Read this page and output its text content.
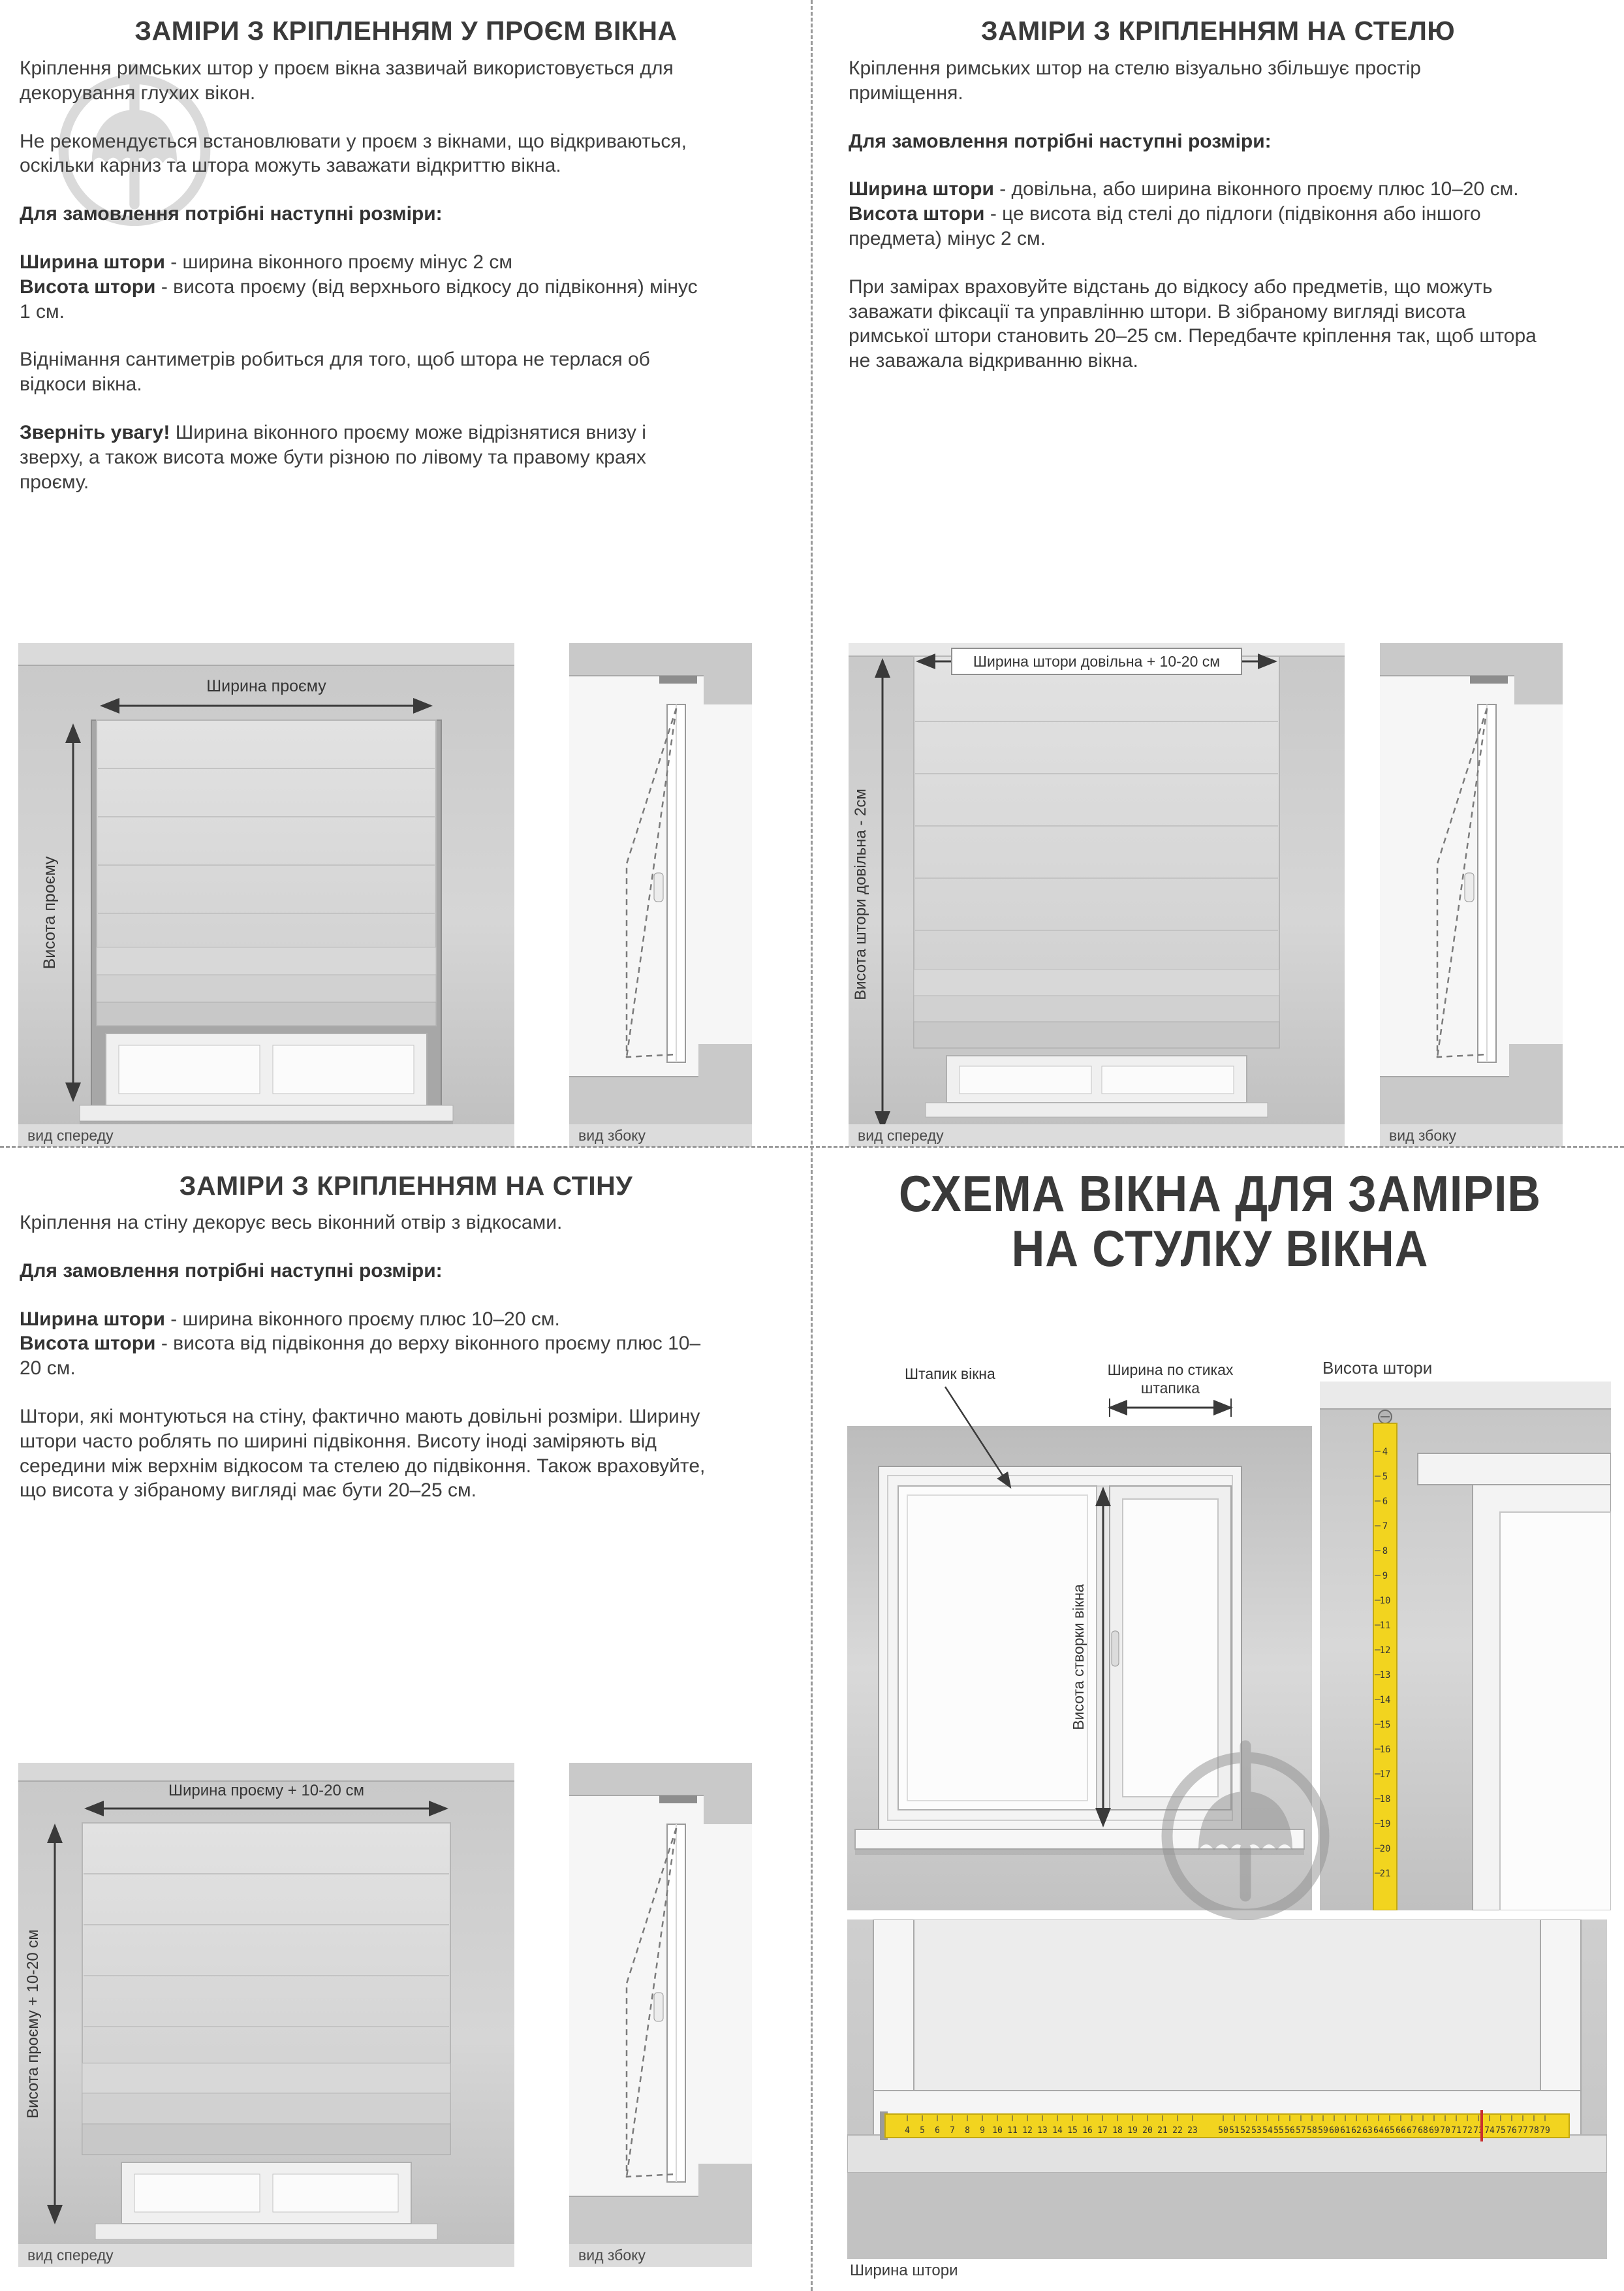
ЗАМІРИ З КРІПЛЕННЯМ У ПРОЄМ ВІКНА

Кріплення римських штор у проєм вікна зазвичай використовується для декорування глухих вікон.

Не рекомендується встановлювати у проєм з вікнами, що відкриваються, оскільки карниз та штора можуть заважати відкриттю вікна.

Для замовлення потрібні наступні розміри:

Ширина штори - ширина віконного проєму мінус 2 см

Висота штори - висота проєму (від верхнього відкосу до підвіконня) мінус 1 см.

Віднімання сантиметрів робиться для того, щоб штора не терлася об відкоси вікна.

Зверніть увагу! Ширина віконного проєму може відрізнятися внизу і зверху, а також висота може бути різною по лівому та правому краях проєму.

Ширина проєму
Висота проєму
вид спереду	вид збоку
ЗАМІРИ З КРІПЛЕННЯМ НА СТЕЛЮ

Кріплення римських штор на стелю візуально збільшує простір приміщення.

Для замовлення потрібні наступні розміри:

Ширина штори - довільна, або ширина віконного проєму плюс 10–20 см.

Висота штори - це висота від стелі до підлоги (підвіконня або іншого предмета) мінус 2 см.

При замірах враховуйте відстань до відкосу або предметів, що можуть заважати фіксації та управлінню штори. В зібраному вигляді висота римської штори становить 20–25 см. Передбачте кріплення так, щоб штора не заважала відкриванню вікна.

Ширина штори довільна + 10-20 см
Висота штори довільна - 2см
вид спереду	вид збоку
ЗАМІРИ З КРІПЛЕННЯМ НА СТІНУ

Кріплення на стіну декорує весь віконний отвір з відкосами.

Для замовлення потрібні наступні розміри:

Ширина штори - ширина віконного проєму плюс 10–20 см.

Висота штори - висота від підвіконня до верху віконного проєму плюс 10–20 см.

Штори, які монтуються на стіну, фактично мають довільні розміри. Ширину штори часто роблять по ширині підвіконня. Висоту іноді заміряють від середини між верхнім відкосом та стелею до підвіконня. Також враховуйте, що висота у зібраному вигляді має бути 20–25 см.

Ширина проєму + 10-20 см
Висота проєму + 10-20 см
вид спереду	вид збоку
СХЕМА ВІКНА ДЛЯ ЗАМІРІВ
НА СТУЛКУ ВІКНА
Штапик вікна	Ширина по стиках
штапика
Висота створки вікна
Висота штори
4
5
6
7
8
9
10
11
12
13
14
15
16
17
18
19
20
21
4 5 6 7 8 9 10 11 12 13 14 15 16 17 18 19 20 21 22 23 50 51 52 53 54 55 56 57 58 59 60 61 62 63 64 65 66 67 68 69 70 71 72 73 74 75 76 77 78 79
Ширина штори
